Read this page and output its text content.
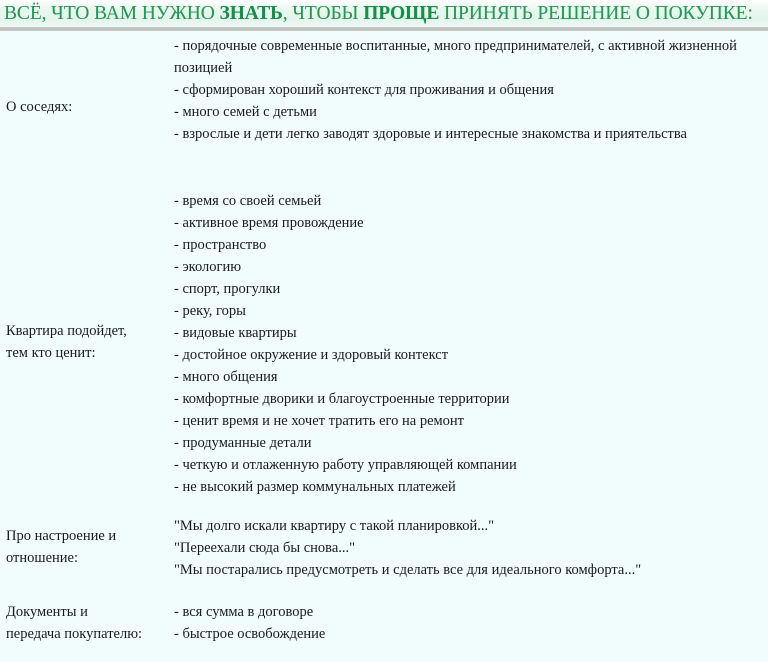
ВСЁ, ЧТО ВАМ НУЖНО ЗНАТЬ, ЧТОБЫ ПРОЩЕ ПРИНЯТЬ РЕШЕНИЕ О ПОКУПКЕ:
О соседях:
- порядочные современные воспитанные, много предпринимателей, с активной жизненной позицией
- сформирован хороший контекст для проживания и общения
- много семей с детьми
- взрослые и дети легко заводят здоровые и интересные знакомства и приятельства
Квартира подойдет,
тем кто ценит:
- время со своей семьей
- активное время провождение
- пространство
- экологию
- спорт, прогулки
- реку, горы
- видовые квартиры
- достойное окружение и здоровый контекст
- много общения
- комфортные дворики и благоустроенные территории
- ценит время и не хочет тратить его на ремонт
- продуманные детали
- четкую и отлаженную работу управляющей компании
- не высокий размер коммунальных платежей
Про настроение и
отношение:
"Мы долго искали квартиру с такой планировкой..."
"Переехали сюда бы снова..."
"Мы постарались предусмотреть и сделать все для идеального комфорта..."
Документы и
передача покупателю:
- вся сумма в договоре
- быстрое освобождение
